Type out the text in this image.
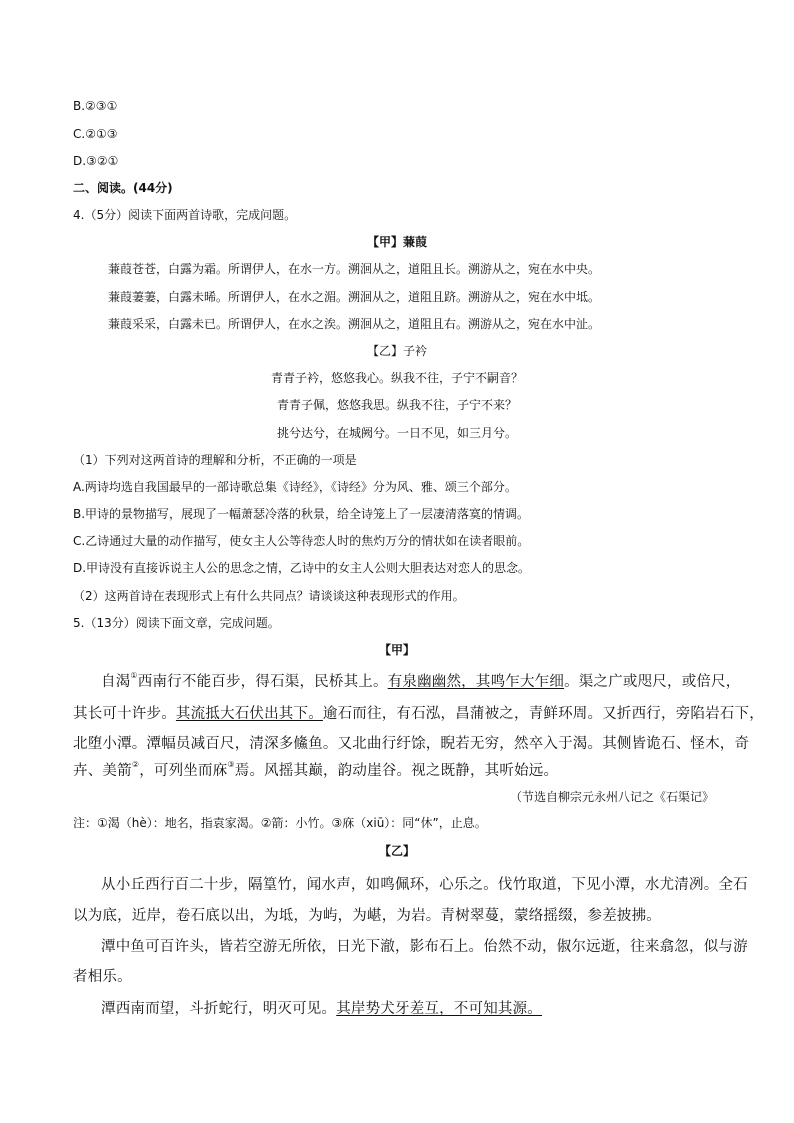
B.②③①
C.②①③
D.③②①
二、阅读。(44分)
4.（5分）阅读下面两首诗歌，完成问题。
【甲】蒹葭
蒹葭苍苍，白露为霜。所谓伊人，在水一方。溯洄从之，道阻且长。溯游从之，宛在水中央。
蒹葭萋萋，白露未晞。所谓伊人，在水之湄。溯洄从之，道阻且跻。溯游从之，宛在水中坻。
蒹葭采采，白露未已。所谓伊人，在水之涘。溯洄从之，道阻且右。溯游从之，宛在水中沚。
【乙】子衿
青青子衿，悠悠我心。纵我不往，子宁不嗣音？
青青子佩，悠悠我思。纵我不往，子宁不来？
挑兮达兮，在城阙兮。一日不见，如三月兮。
（1）下列对这两首诗的理解和分析，不正确的一项是
A.两诗均选自我国最早的一部诗歌总集《诗经》，《诗经》分为风、雅、颂三个部分。
B.甲诗的景物描写，展现了一幅萧瑟冷落的秋景，给全诗笼上了一层凄清落寞的情调。
C.乙诗通过大量的动作描写，使女主人公等待恋人时的焦灼万分的情状如在读者眼前。
D.甲诗没有直接诉说主人公的思念之情，乙诗中的女主人公则大胆表达对恋人的思念。
（2）这两首诗在表现形式上有什么共同点？请谈谈这种表现形式的作用。
5.（13分）阅读下面文章，完成问题。
【甲】
自渴①西南行不能百步，得石渠，民桥其上。有泉幽幽然，其鸣乍大乍细。渠之广或咫尺，或倍尺，
其长可十许步。其流抵大石伏出其下。逾石而往，有石泓，昌蒲被之，青鲜环周。又折西行，旁陷岩石下，
北堕小潭。潭幅员减百尺，清深多鯈鱼。又北曲行纡馀，睨若无穷，然卒入于渴。其侧皆诡石、怪木，奇
卉、美箭②，可列坐而庥③焉。风摇其巅，韵动崖谷。视之既静，其听始远。
（节选自柳宗元永州八记之《石渠记》
注：①渴（hè）：地名，指袁家渴。②箭：小竹。③庥（xiū）：同“休”，止息。
【乙】
从小丘西行百二十步，隔篁竹，闻水声，如鸣佩环，心乐之。伐竹取道，下见小潭，水尤清冽。全石
以为底，近岸，卷石底以出，为坻，为屿，为嵁，为岩。青树翠蔓，蒙络摇缀，参差披拂。
潭中鱼可百许头，皆若空游无所依，日光下澈，影布石上。佁然不动，俶尔远逝，往来翕忽，似与游
者相乐。
潭西南而望，斗折蛇行，明灭可见。其岸势犬牙差互，不可知其源。
